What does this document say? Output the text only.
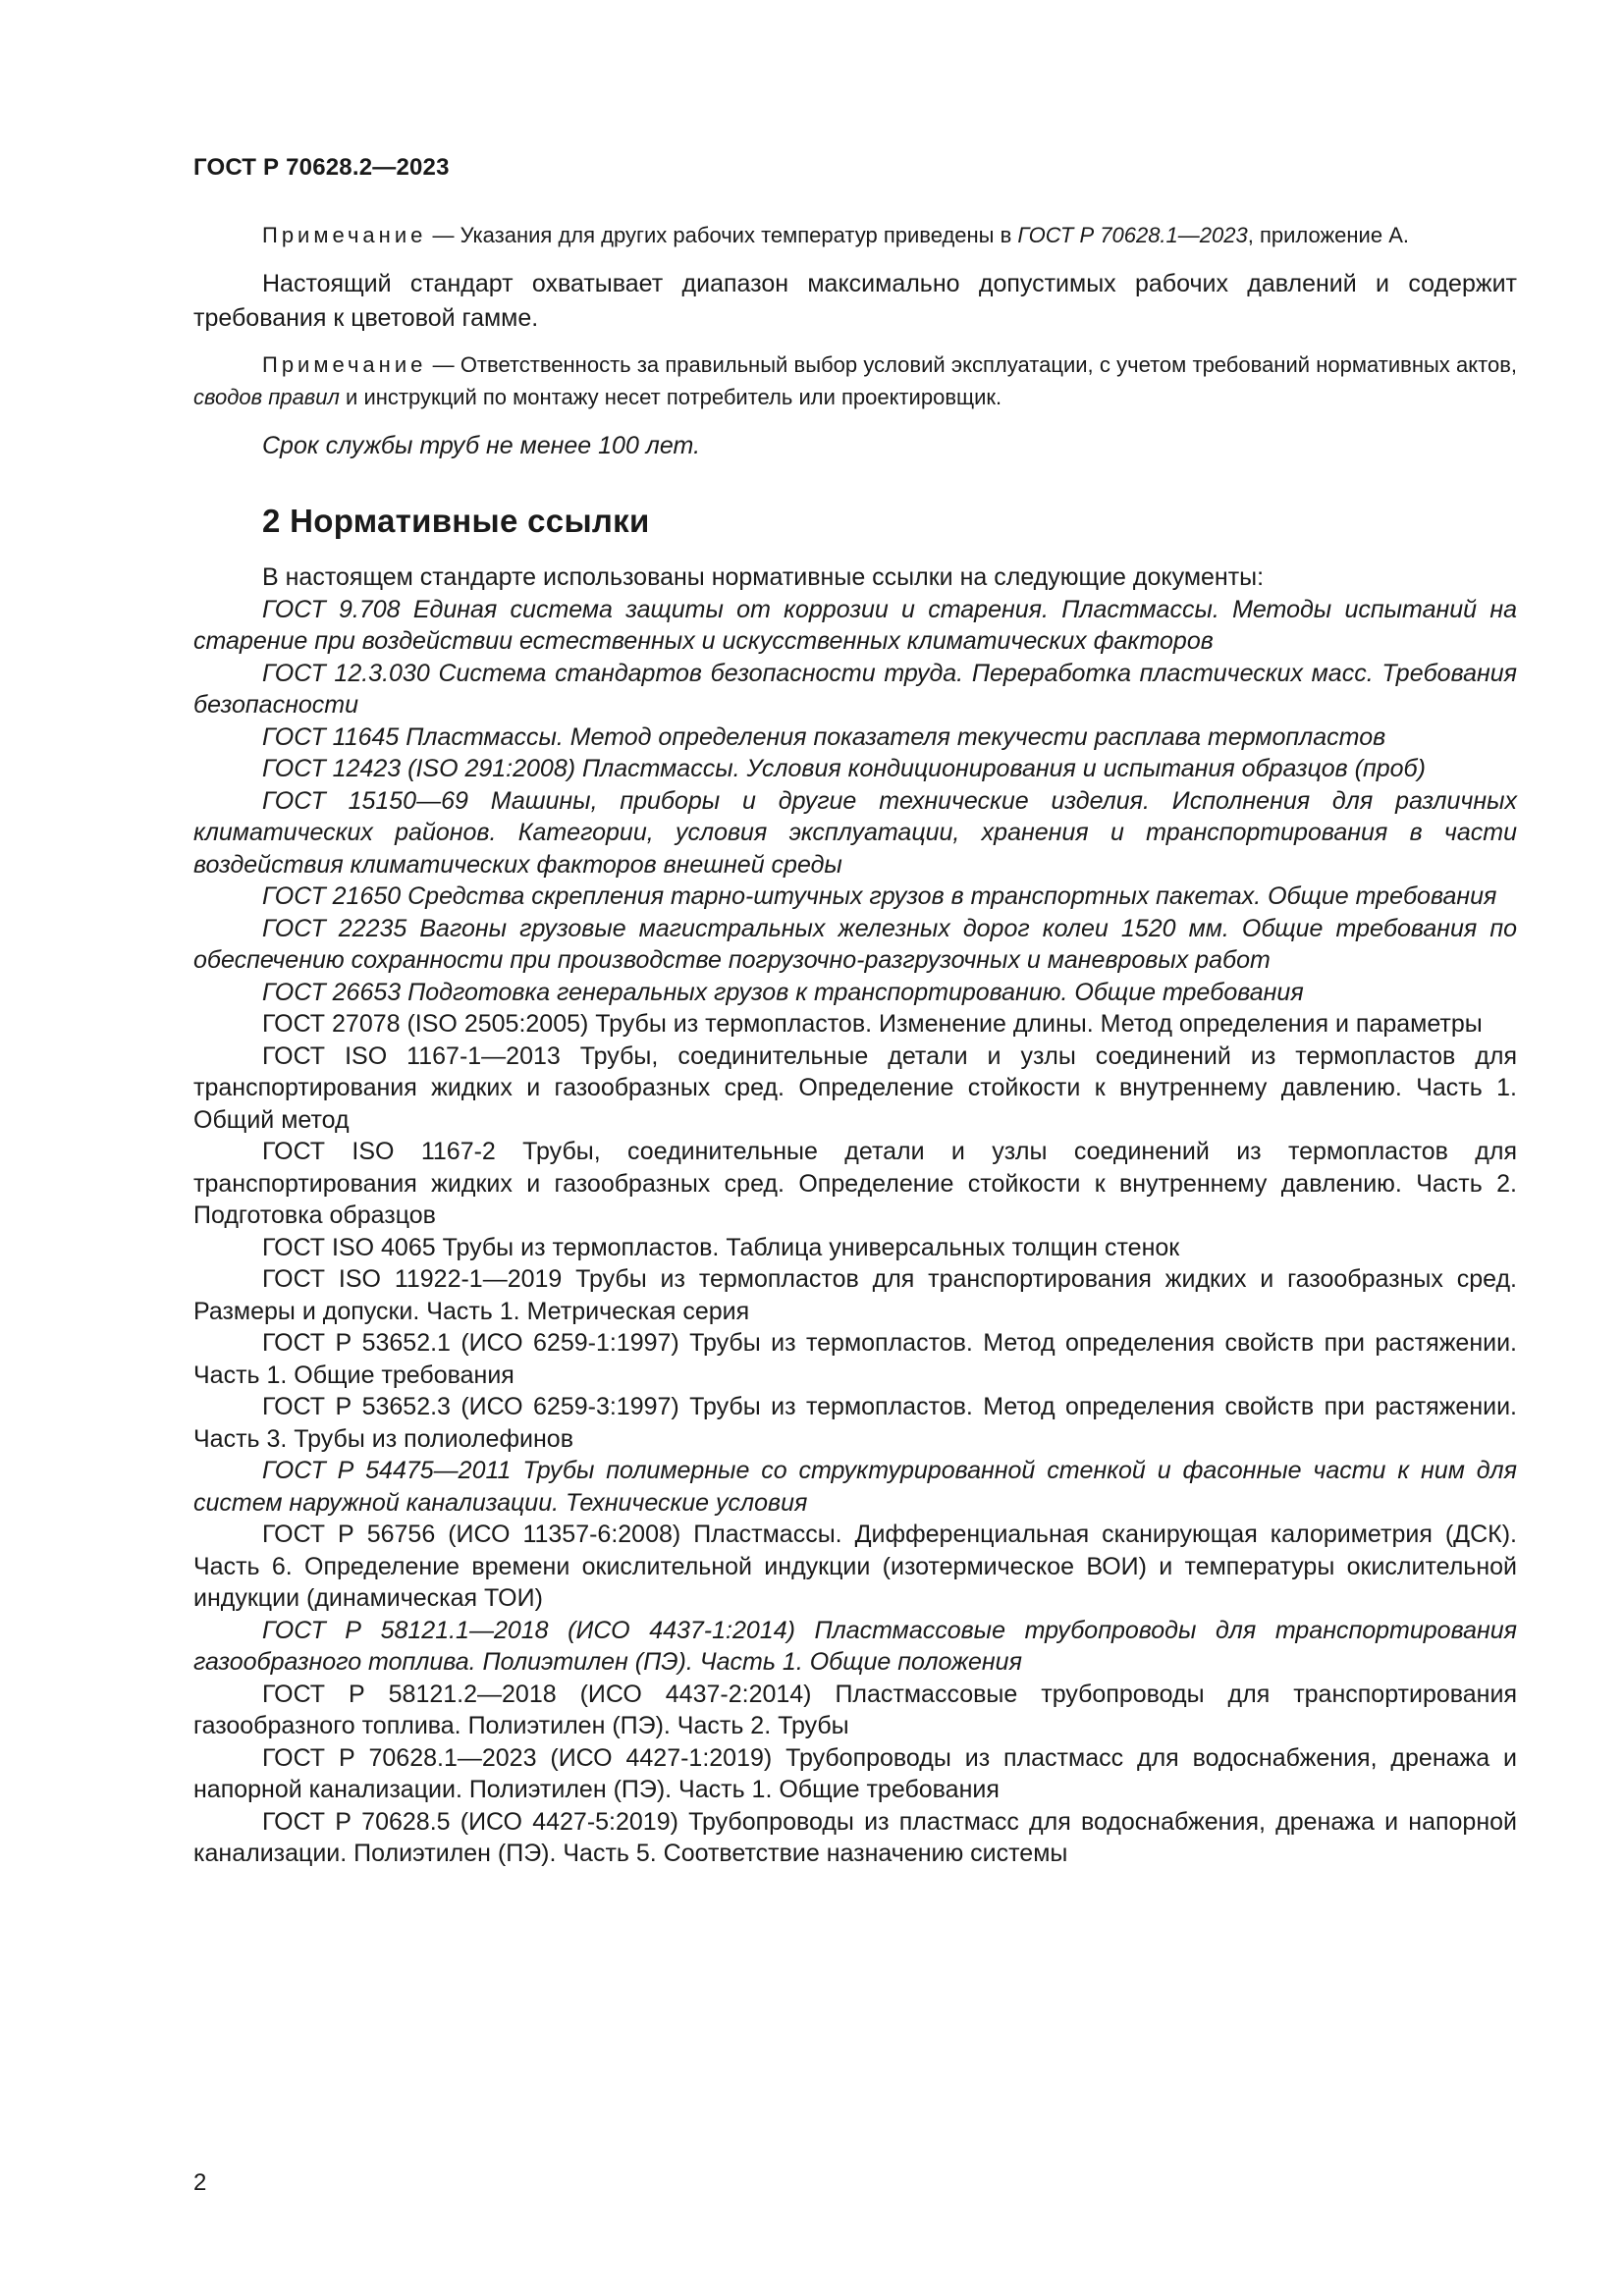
ГОСТ Р 70628.2—2023

Примечание — Указания для других рабочих температур приведены в ГОСТ Р 70628.1—2023, приложение А.

Настоящий стандарт охватывает диапазон максимально допустимых рабочих давлений и содержит требования к цветовой гамме.

Примечание — Ответственность за правильный выбор условий эксплуатации, с учетом требований нормативных актов, сводов правил и инструкций по монтажу несет потребитель или проектировщик.

Срок службы труб не менее 100 лет.

2 Нормативные ссылки

В настоящем стандарте использованы нормативные ссылки на следующие документы:

ГОСТ 9.708 Единая система защиты от коррозии и старения. Пластмассы. Методы испытаний на старение при воздействии естественных и искусственных климатических факторов

ГОСТ 12.3.030 Система стандартов безопасности труда. Переработка пластических масс. Требования безопасности

ГОСТ 11645 Пластмассы. Метод определения показателя текучести расплава термопластов

ГОСТ 12423 (ISO 291:2008) Пластмассы. Условия кондиционирования и испытания образцов (проб)

ГОСТ 15150—69 Машины, приборы и другие технические изделия. Исполнения для различных климатических районов. Категории, условия эксплуатации, хранения и транспортирования в части воздействия климатических факторов внешней среды

ГОСТ 21650 Средства скрепления тарно-штучных грузов в транспортных пакетах. Общие требования

ГОСТ 22235 Вагоны грузовые магистральных железных дорог колеи 1520 мм. Общие требования по обеспечению сохранности при производстве погрузочно-разгрузочных и маневровых работ

ГОСТ 26653 Подготовка генеральных грузов к транспортированию. Общие требования

ГОСТ 27078 (ISO 2505:2005) Трубы из термопластов. Изменение длины. Метод определения и параметры

ГОСТ ISO 1167-1—2013 Трубы, соединительные детали и узлы соединений из термопластов для транспортирования жидких и газообразных сред. Определение стойкости к внутреннему давлению. Часть 1. Общий метод

ГОСТ ISO 1167-2 Трубы, соединительные детали и узлы соединений из термопластов для транспортирования жидких и газообразных сред. Определение стойкости к внутреннему давлению. Часть 2. Подготовка образцов

ГОСТ ISO 4065 Трубы из термопластов. Таблица универсальных толщин стенок

ГОСТ ISO 11922-1—2019 Трубы из термопластов для транспортирования жидких и газообразных сред. Размеры и допуски. Часть 1. Метрическая серия

ГОСТ Р 53652.1 (ИСО 6259-1:1997) Трубы из термопластов. Метод определения свойств при растяжении. Часть 1. Общие требования

ГОСТ Р 53652.3 (ИСО 6259-3:1997) Трубы из термопластов. Метод определения свойств при растяжении. Часть 3. Трубы из полиолефинов

ГОСТ Р 54475—2011 Трубы полимерные со структурированной стенкой и фасонные части к ним для систем наружной канализации. Технические условия

ГОСТ Р 56756 (ИСО 11357-6:2008) Пластмассы. Дифференциальная сканирующая калориметрия (ДСК). Часть 6. Определение времени окислительной индукции (изотермическое ВОИ) и температуры окислительной индукции (динамическая ТОИ)

ГОСТ Р 58121.1—2018 (ИСО 4437-1:2014) Пластмассовые трубопроводы для транспортирования газообразного топлива. Полиэтилен (ПЭ). Часть 1. Общие положения

ГОСТ Р 58121.2—2018 (ИСО 4437-2:2014) Пластмассовые трубопроводы для транспортирования газообразного топлива. Полиэтилен (ПЭ). Часть 2. Трубы

ГОСТ Р 70628.1—2023 (ИСО 4427-1:2019) Трубопроводы из пластмасс для водоснабжения, дренажа и напорной канализации. Полиэтилен (ПЭ). Часть 1. Общие требования

ГОСТ Р 70628.5 (ИСО 4427-5:2019) Трубопроводы из пластмасс для водоснабжения, дренажа и напорной канализации. Полиэтилен (ПЭ). Часть 5. Соответствие назначению системы

2
